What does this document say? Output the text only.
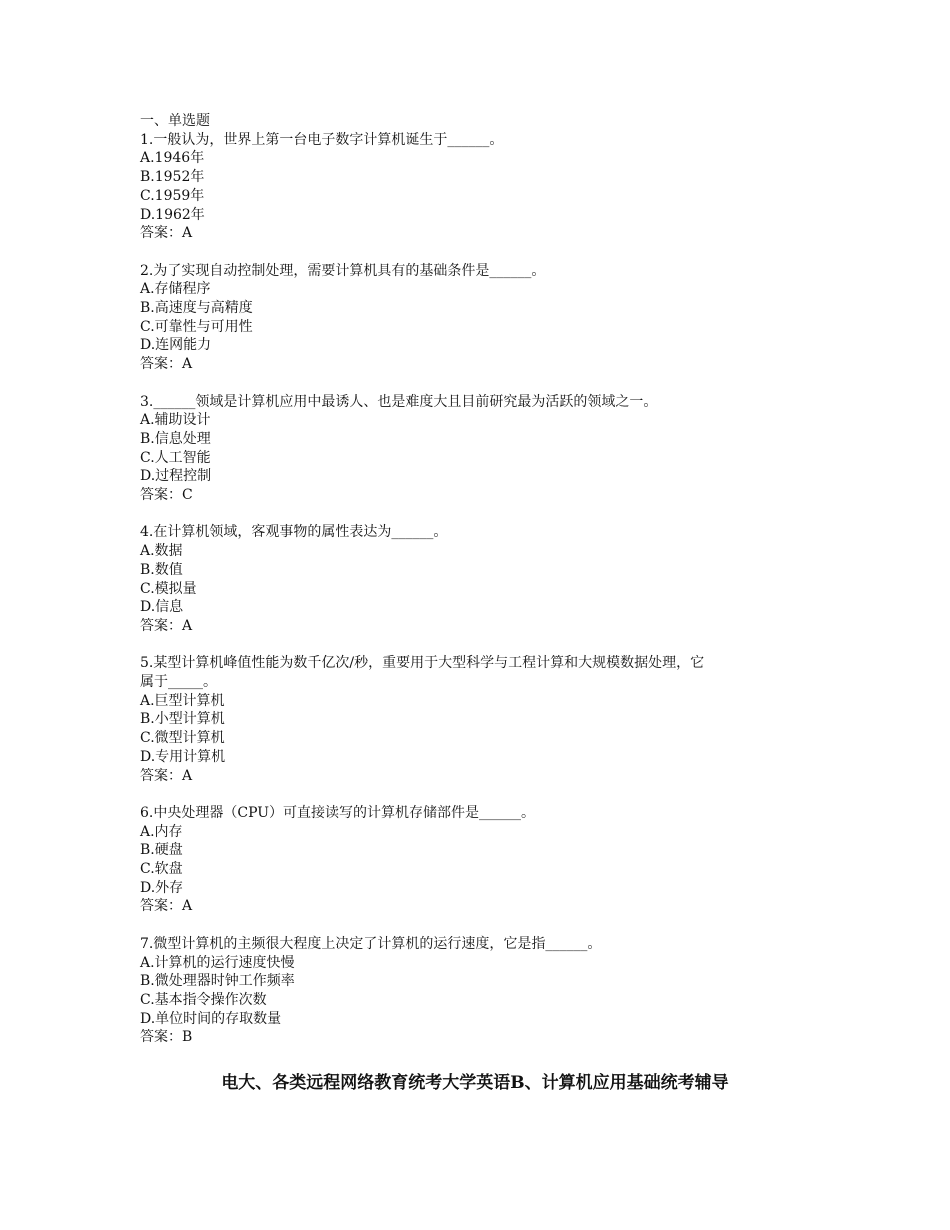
一、单选题

1.一般认为，世界上第一台电子数字计算机诞生于______。

A.1946年

B.1952年

C.1959年

D.1962年

答案：A

2.为了实现自动控制处理，需要计算机具有的基础条件是______。

A.存储程序

B.高速度与高精度

C.可靠性与可用性

D.连网能力

答案：A

3.______领域是计算机应用中最诱人、也是难度大且目前研究最为活跃的领域之一。

A.辅助设计

B.信息处理

C.人工智能

D.过程控制

答案：C

4.在计算机领域，客观事物的属性表达为______。

A.数据

B.数值

C.模拟量

D.信息

答案：A

5.某型计算机峰值性能为数千亿次/秒，重要用于大型科学与工程计算和大规模数据处理，它

属于_____。

A.巨型计算机

B.小型计算机

C.微型计算机

D.专用计算机

答案：A

6.中央处理器（CPU）可直接读写的计算机存储部件是______。

A.内存

B.硬盘

C.软盘

D.外存

答案：A

7.微型计算机的主频很大程度上决定了计算机的运行速度，它是指______。

A.计算机的运行速度快慢

B.微处理器时钟工作频率

C.基本指令操作次数

D.单位时间的存取数量

答案：B

电大、各类远程网络教育统考大学英语B、计算机应用基础统考辅导
